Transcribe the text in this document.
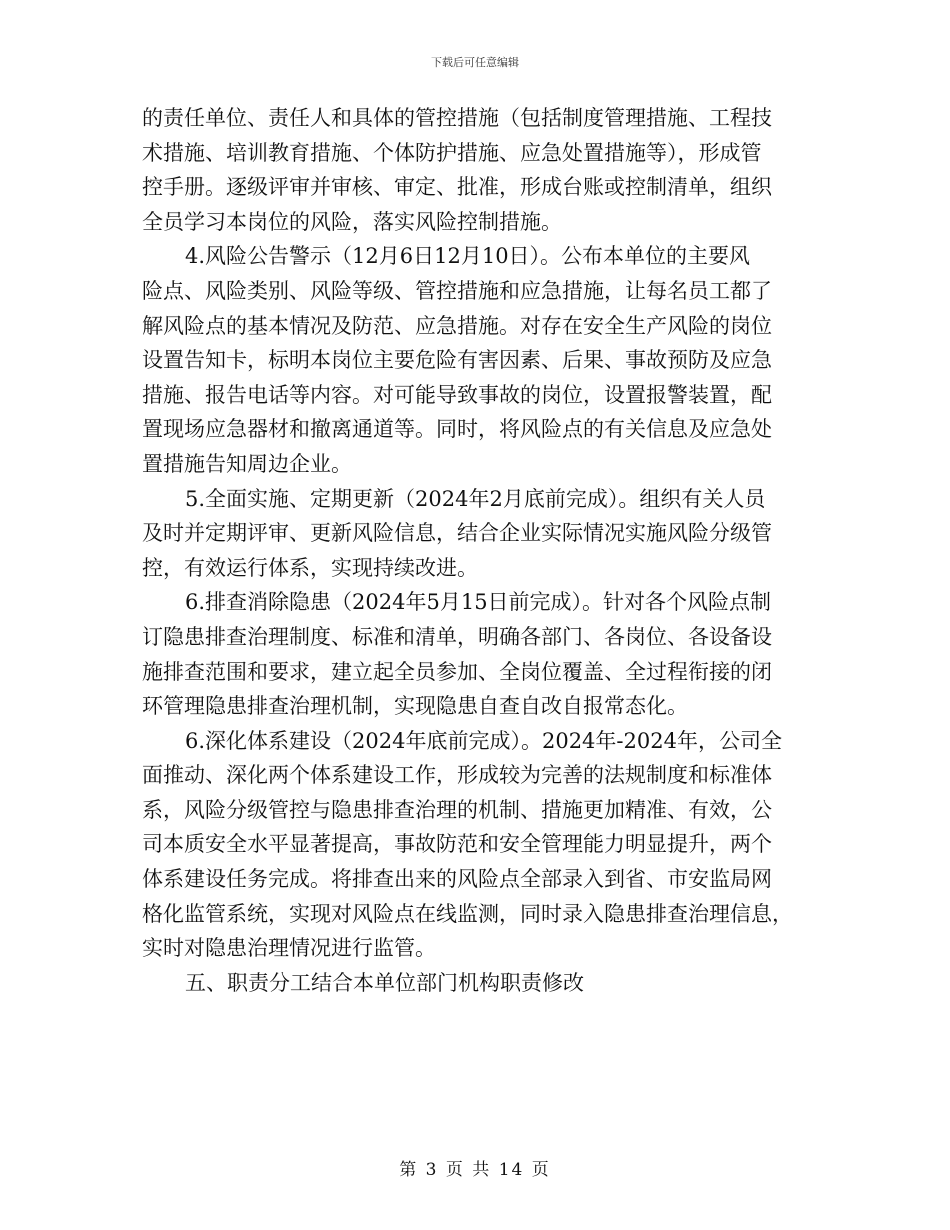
下载后可任意编辑
的责任单位、责任人和具体的管控措施（包括制度管理措施、工程技
术措施、培训教育措施、个体防护措施、应急处置措施等），形成管
控手册。逐级评审并审核、审定、批准，形成台账或控制清单，组织
全员学习本岗位的风险，落实风险控制措施。
4.风险公告警示（12月6日12月10日）。公布本单位的主要风
险点、风险类别、风险等级、管控措施和应急措施，让每名员工都了
解风险点的基本情况及防范、应急措施。对存在安全生产风险的岗位
设置告知卡，标明本岗位主要危险有害因素、后果、事故预防及应急
措施、报告电话等内容。对可能导致事故的岗位，设置报警装置，配
置现场应急器材和撤离通道等。同时，将风险点的有关信息及应急处
置措施告知周边企业。
5.全面实施、定期更新（2024年2月底前完成）。组织有关人员
及时并定期评审、更新风险信息，结合企业实际情况实施风险分级管
控，有效运行体系，实现持续改进。
6.排查消除隐患（2024年5月15日前完成）。针对各个风险点制
订隐患排查治理制度、标准和清单，明确各部门、各岗位、各设备设
施排查范围和要求，建立起全员参加、全岗位覆盖、全过程衔接的闭
环管理隐患排查治理机制，实现隐患自查自改自报常态化。
6.深化体系建设（2024年底前完成）。2024年-2024年，公司全
面推动、深化两个体系建设工作，形成较为完善的法规制度和标准体
系，风险分级管控与隐患排查治理的机制、措施更加精准、有效，公
司本质安全水平显著提高，事故防范和安全管理能力明显提升，两个
体系建设任务完成。将排查出来的风险点全部录入到省、市安监局网
格化监管系统，实现对风险点在线监测，同时录入隐患排查治理信息，
实时对隐患治理情况进行监管。
五、职责分工结合本单位部门机构职责修改
第 3 页 共 14 页
